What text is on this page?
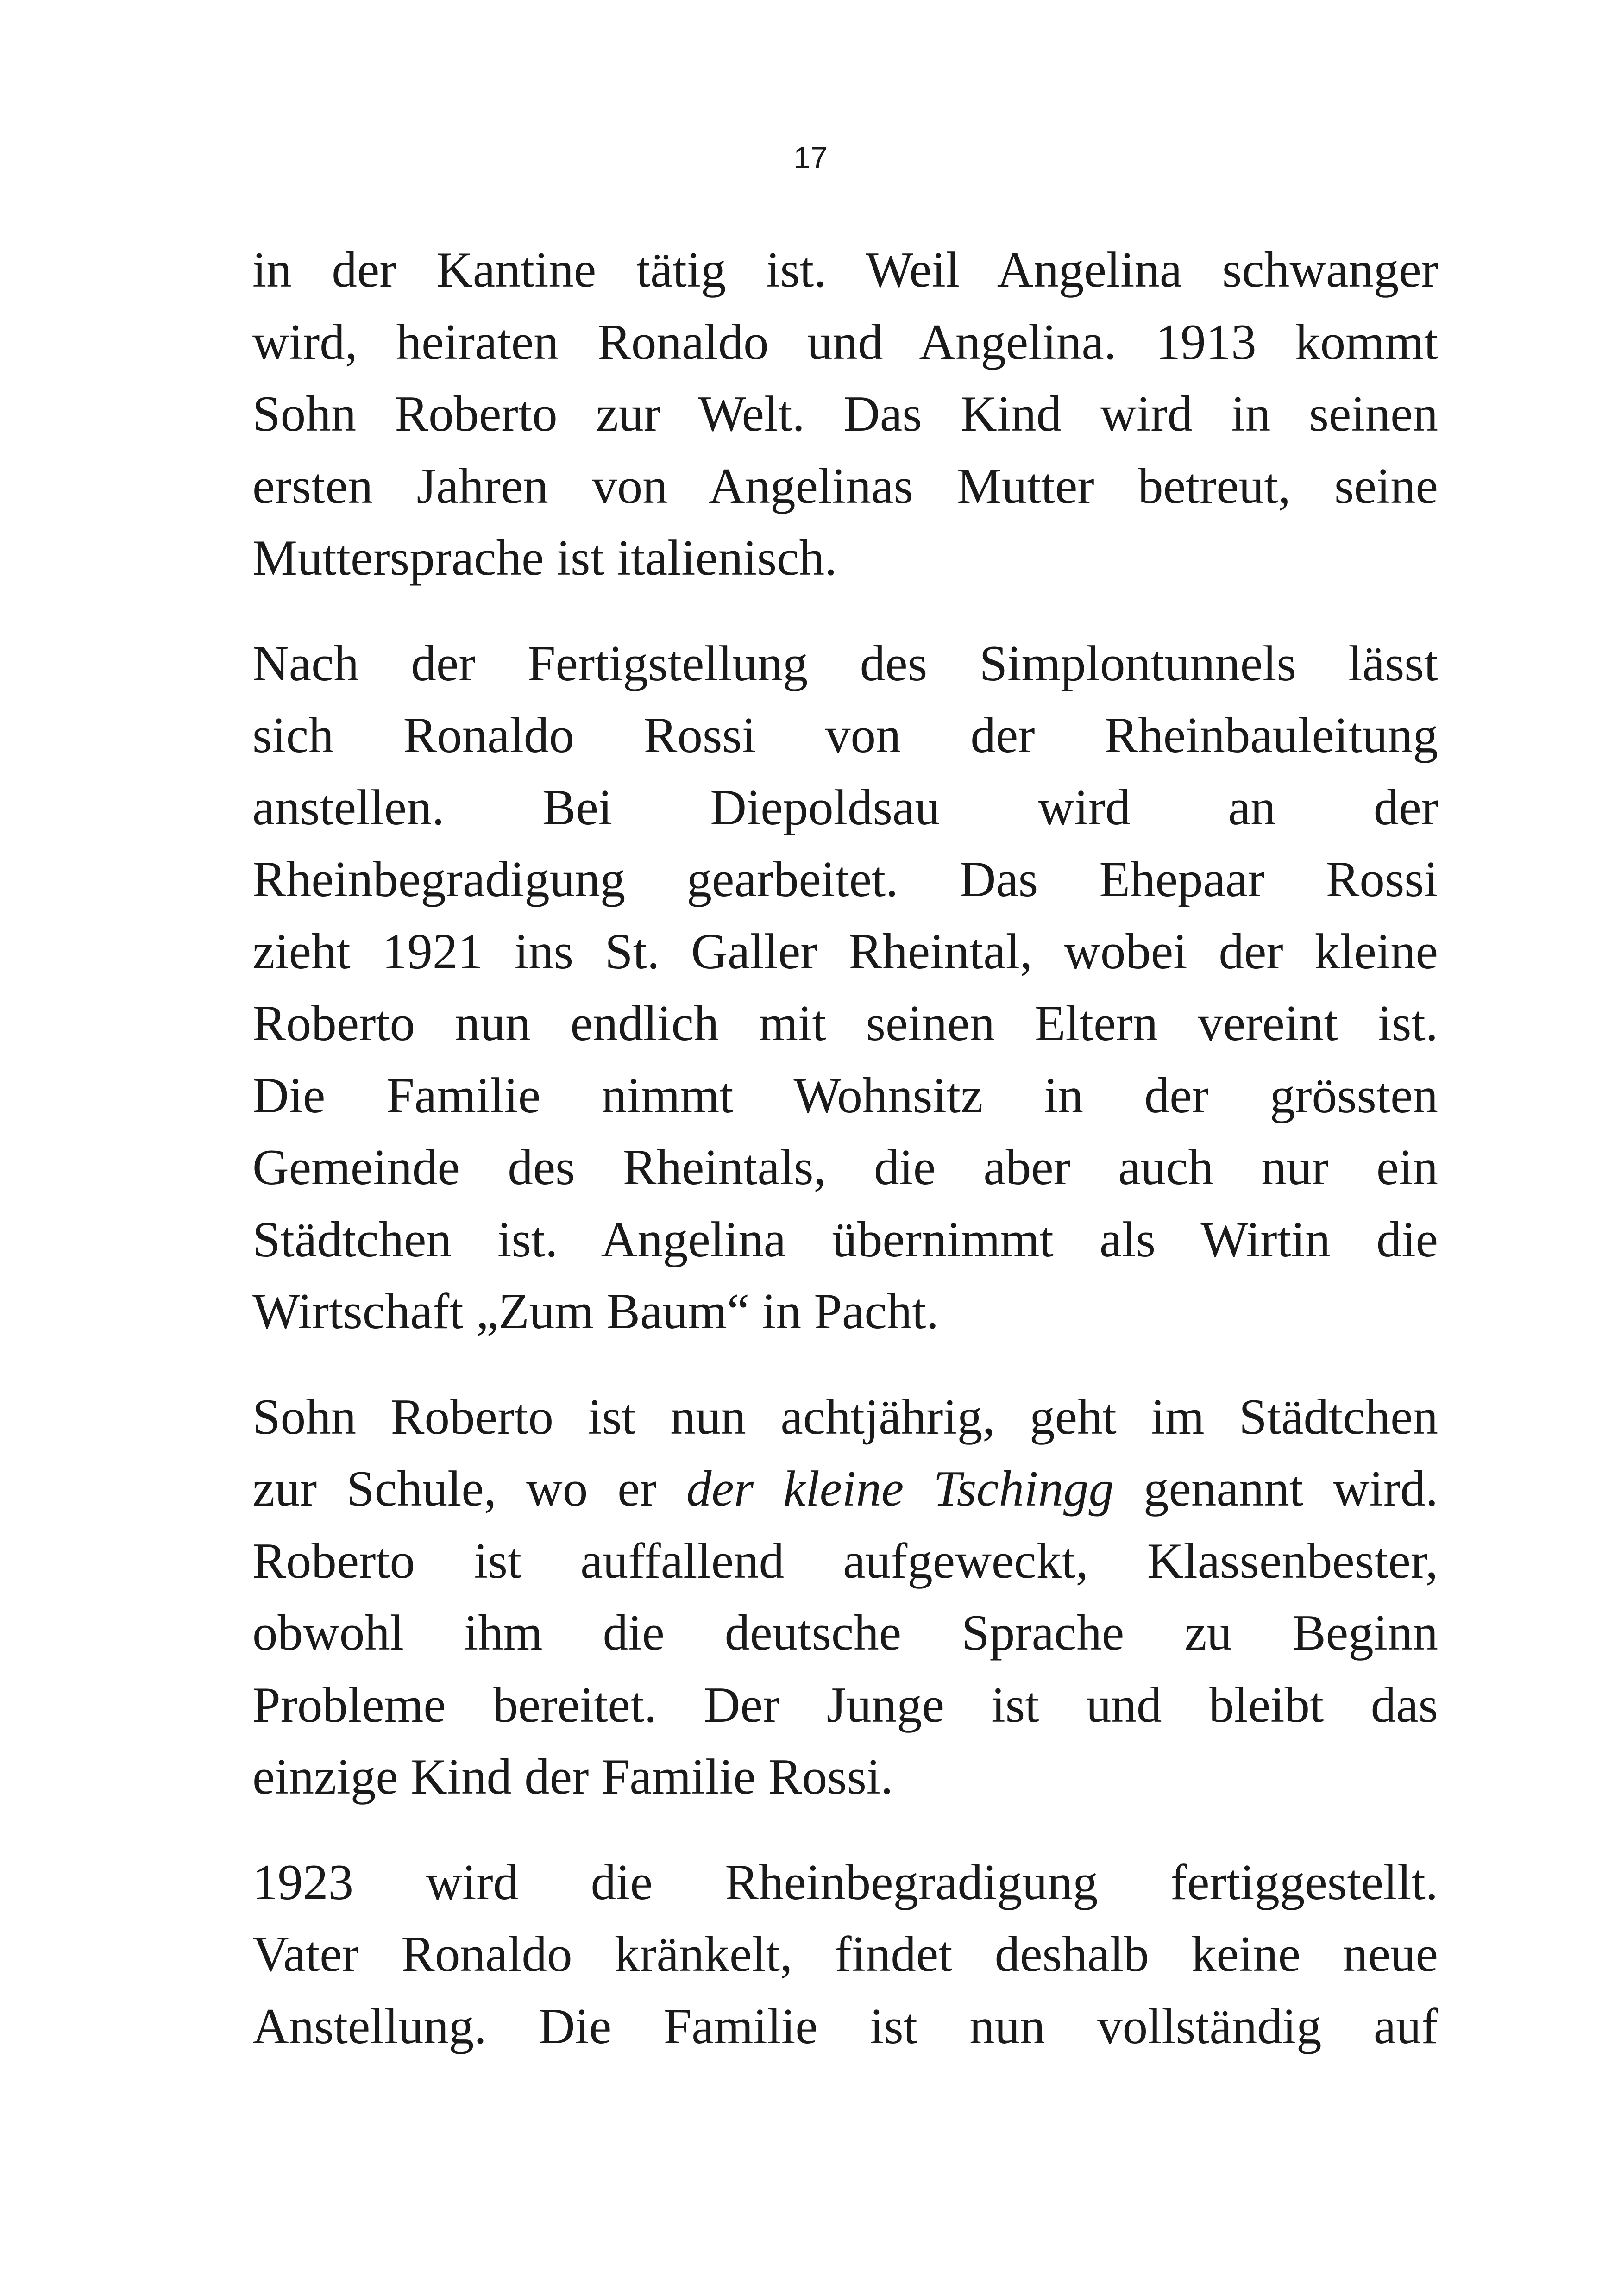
17

in der Kantine tätig ist. Weil Angelina schwanger
wird, heiraten Ronaldo und Angelina. 1913 kommt
Sohn Roberto zur Welt. Das Kind wird in seinen
ersten Jahren von Angelinas Mutter betreut, seine
Muttersprache ist italienisch.

Nach der Fertigstellung des Simplontunnels lässt
sich Ronaldo Rossi von der Rheinbauleitung
anstellen. Bei Diepoldsau wird an der
Rheinbegradigung gearbeitet. Das Ehepaar Rossi
zieht 1921 ins St. Galler Rheintal, wobei der kleine
Roberto nun endlich mit seinen Eltern vereint ist.
Die Familie nimmt Wohnsitz in der grössten
Gemeinde des Rheintals, die aber auch nur ein
Städtchen ist. Angelina übernimmt als Wirtin die
Wirtschaft „Zum Baum“ in Pacht.

Sohn Roberto ist nun achtjährig, geht im Städtchen
zur Schule, wo er der kleine Tschingg genannt wird.
Roberto ist auffallend aufgeweckt, Klassenbester,
obwohl ihm die deutsche Sprache zu Beginn
Probleme bereitet. Der Junge ist und bleibt das
einzige Kind der Familie Rossi.

1923 wird die Rheinbegradigung fertiggestellt.
Vater Ronaldo kränkelt, findet deshalb keine neue
Anstellung. Die Familie ist nun vollständig auf
